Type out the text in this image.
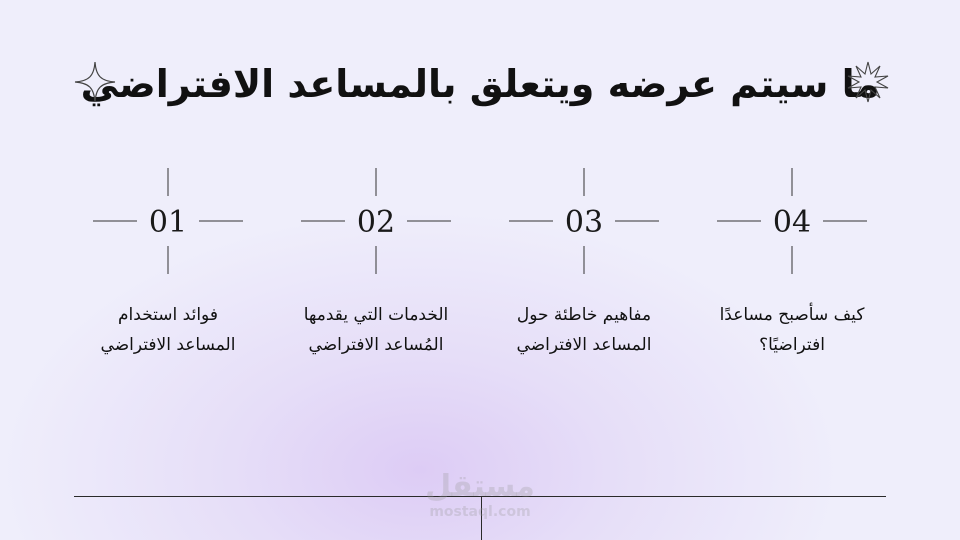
ما سيتم عرضه ويتعلق بالمساعد الافتراضي
01
فوائد استخدام
المساعد الافتراضي
02
الخدمات التي يقدمها
المُساعد الافتراضي
03
مفاهيم خاطئة حول
المساعد الافتراضي
04
كيف سأصبح مساعدًا
افتراضيًا؟
مستقل
mostaql.com
